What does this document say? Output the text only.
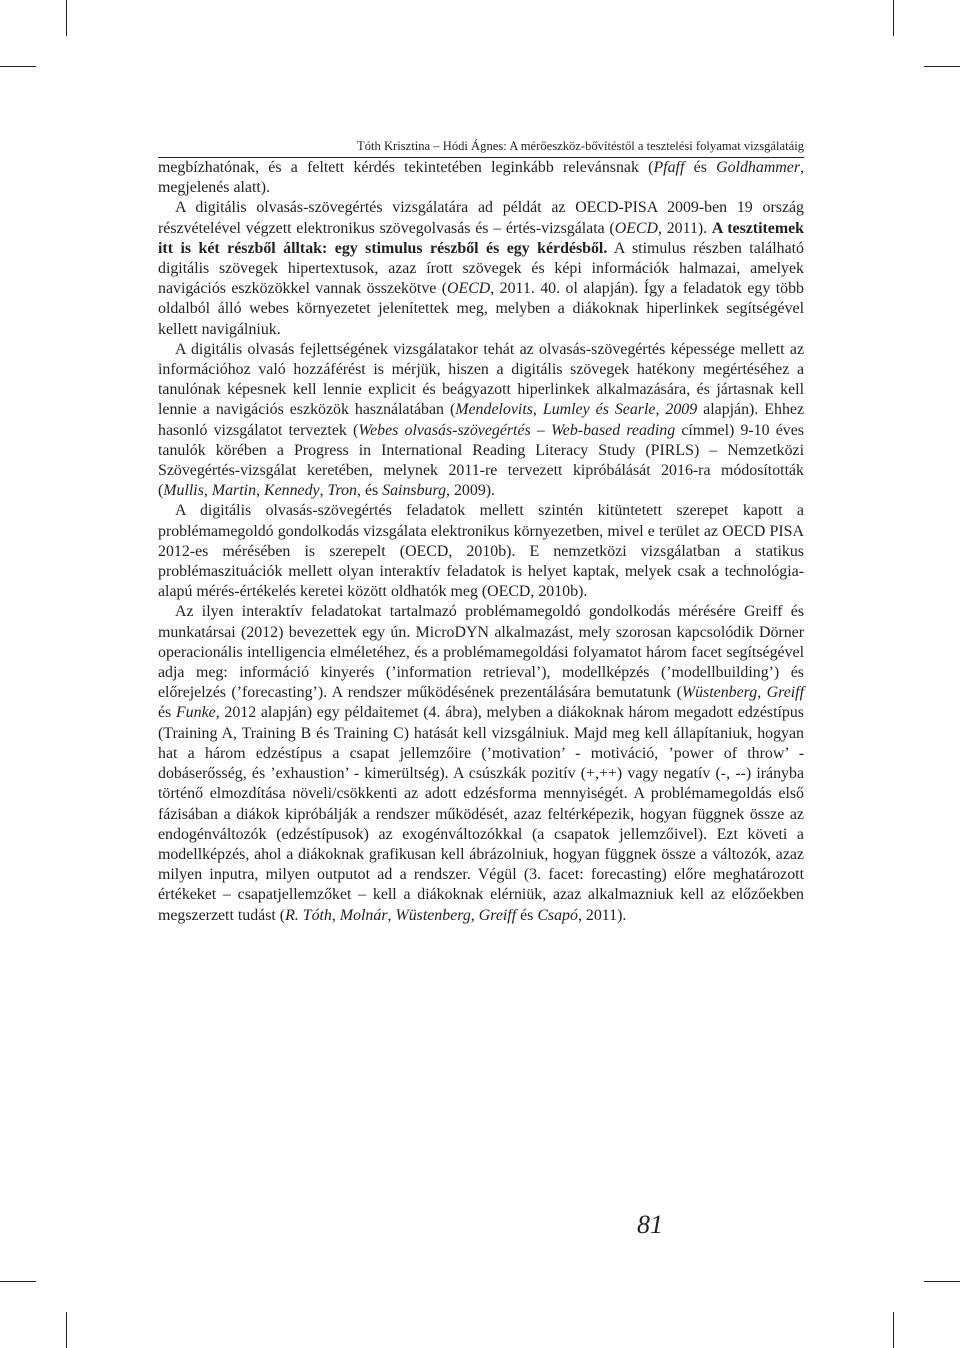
Tóth Krisztina – Hódi Ágnes: A mérőeszköz-bővítéstől a tesztelési folyamat vizsgálatáig

megbízhatónak, és a feltett kérdés tekintetében leginkább relevánsnak (Pfaff és Goldhammer, megjelenés alatt).

A digitális olvasás-szövegértés vizsgálatára ad példát az OECD-PISA 2009-ben 19 ország részvételével végzett elektronikus szövegolvasás és – értés-vizsgálata (OECD, 2011). A tesztitemek itt is két részből álltak: egy stimulus részből és egy kérdésből. A stimulus részben található digitális szövegek hipertextusok, azaz írott szövegek és képi információk halmazai, amelyek navigációs eszközökkel vannak összekötve (OECD, 2011. 40. ol alapján). Így a feladatok egy több oldalból álló webes környezetet jelenítettek meg, melyben a diákoknak hiperlinkek segítségével kellett navigálniuk.

A digitális olvasás fejlettségének vizsgálatakor tehát az olvasás-szövegértés képessége mellett az információhoz való hozzáférést is mérjük, hiszen a digitális szövegek hatékony megértéséhez a tanulónak képesnek kell lennie explicit és beágyazott hiperlinkek alkalmazására, és jártasnak kell lennie a navigációs eszközök használatában (Mendelovits, Lumley és Searle, 2009 alapján). Ehhez hasonló vizsgálatot terveztek (Webes olvasás-szövegértés – Web-based reading címmel) 9-10 éves tanulók körében a Progress in International Reading Literacy Study (PIRLS) – Nemzetközi Szövegértés-vizsgálat keretében, melynek 2011-re tervezett kipróbálását 2016-ra módosították (Mullis, Martin, Kennedy, Tron, és Sainsburg, 2009).

A digitális olvasás-szövegértés feladatok mellett szintén kitüntetett szerepet kapott a problémamegoldó gondolkodás vizsgálata elektronikus környezetben, mivel e terület az OECD PISA 2012-es mérésében is szerepelt (OECD, 2010b). E nemzetközi vizsgálatban a statikus problémaszituációk mellett olyan interaktív feladatok is helyet kaptak, melyek csak a technológia-alapú mérés-értékelés keretei között oldhatók meg (OECD, 2010b).

Az ilyen interaktív feladatokat tartalmazó problémamegoldó gondolkodás mérésére Greiff és munkatársai (2012) bevezettek egy ún. MicroDYN alkalmazást, mely szorosan kapcsolódik Dörner operacionális intelligencia elméletéhez, és a problémamegoldási folyamatot három facet segítségével adja meg: információ kinyerés (’information retrieval’), modellképzés (’modellbuilding’) és előrejelzés (’forecasting’). A rendszer működésének prezentálására bemutatunk (Wüstenberg, Greiff és Funke, 2012 alapján) egy példaitemet (4. ábra), melyben a diákoknak három megadott edzéstípus (Training A, Training B és Training C) hatását kell vizsgálniuk. Majd meg kell állapítaniuk, hogyan hat a három edzéstípus a csapat jellemzőire (’motivation’ - motiváció, ’power of throw’ - dobáserősség, és ’exhaustion’ - kimerültség). A csúszkák pozitív (+,++) vagy negatív (-, --) irányba történő elmozdítása növeli/csökkenti az adott edzésforma mennyiségét. A problémamegoldás első fázisában a diákok kipróbálják a rendszer működését, azaz feltérképezik, hogyan függnek össze az endogénváltozók (edzéstípusok) az exogénváltozókkal (a csapatok jellemzőivel). Ezt követi a modellképzés, ahol a diákoknak grafikusan kell ábrázolniuk, hogyan függnek össze a változók, azaz milyen inputra, milyen outputot ad a rendszer. Végül (3. facet: forecasting) előre meghatározott értékeket – csapatjellemzőket – kell a diákoknak elérniük, azaz alkalmazniuk kell az előzőekben megszerzett tudást (R. Tóth, Molnár, Wüstenberg, Greiff és Csapó, 2011).

81
